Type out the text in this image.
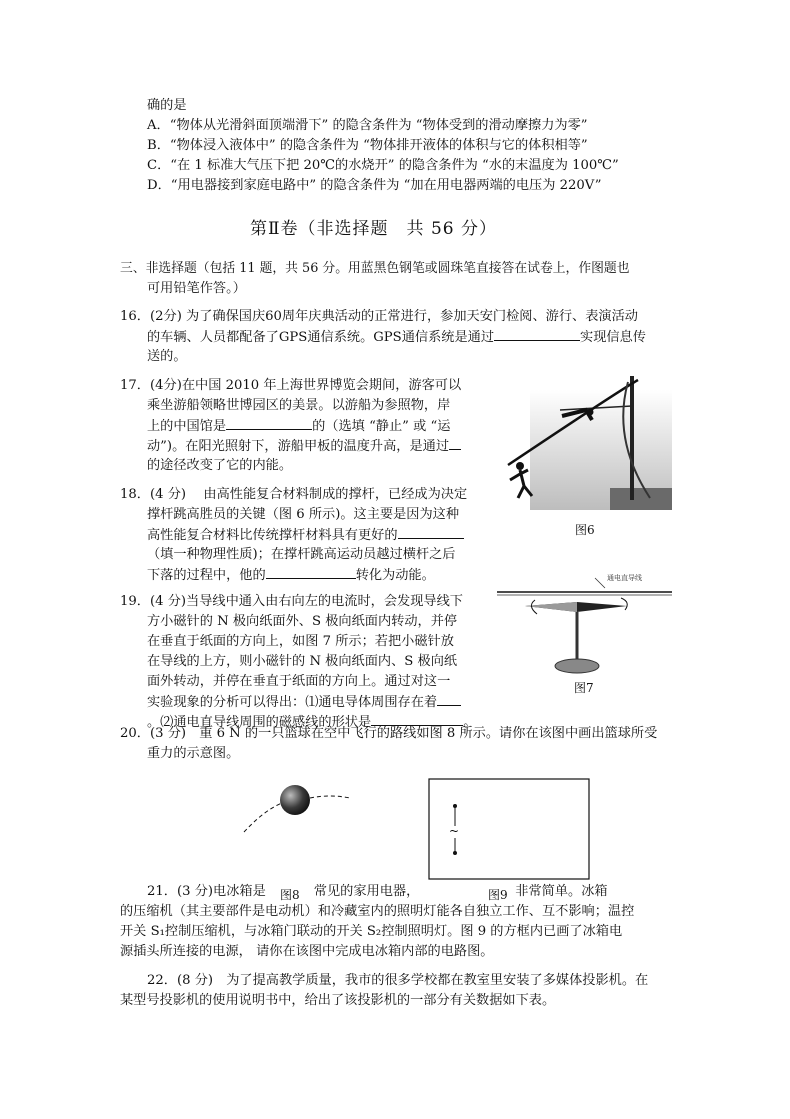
确的是
A．“物体从光滑斜面顶端滑下” 的隐含条件为 “物体受到的滑动摩擦力为零”
B．“物体浸入液体中” 的隐含条件为 “物体排开液体的体积与它的体积相等”
C．“在 1 标准大气压下把 20℃的水烧开” 的隐含条件为 “水的末温度为 100℃”
D．“用电器接到家庭电路中” 的隐含条件为 “加在用电器两端的电压为 220V”
第Ⅱ卷（非选择题　共 56 分）
三、非选择题（包括 11 题，共 56 分。用蓝黑色钢笔或圆珠笔直接答在试卷上，作图题也
可用铅笔作答。）
16．(2分) 为了确保国庆60周年庆典活动的正常进行，参加天安门检阅、游行、表演活动
的车辆、人员都配备了GPS通信系统。GPS通信系统是通过	实现信息传
送的。
17．(4分)在中国 2010 年上海世界博览会期间，游客可以
乘坐游船领略世博园区的美景。以游船为参照物，岸
上的中国馆是	的（选填 “静止” 或 “运
动”)。在阳光照射下，游船甲板的温度升高，是通过
的途径改变了它的内能。
18．(4 分)　 由高性能复合材料制成的撑杆，已经成为决定
撑杆跳高胜员的关键（图 6 所示)。这主要是因为这种
高性能复合材料比传统撑杆材料具有更好的
（填一种物理性质)；在撑杆跳高运动员越过横杆之后
下落的过程中，他的	转化为动能。
图6
19．(4 分)当导线中通入由右向左的电流时，会发现导线下
方小磁针的 N 极向纸面外、S 极向纸面内转动，并停
在垂直于纸面的方向上，如图 7 所示；若把小磁针放
在导线的上方，则小磁针的 N 极向纸面内、S 极向纸
面外转动，并停在垂直于纸面的方向上。通过对这一
实验现象的分析可以得出：⑴通电导体周围存在着
。⑵通电直导线周围的磁感线的形状是	。
通电直导线
图7
20．(3 分)　重 6 N 的一只篮球在空中飞行的路线如图 8 所示。请你在该图中画出篮球所受
重力的示意图。
图8
~
图9
21．(3 分)电冰箱是	常见的家用电器，	非常简单。冰箱
的压缩机（其主要部件是电动机）和冷藏室内的照明灯能各自独立工作、互不影响；温控
开关 S₁控制压缩机，与冰箱门联动的开关 S₂控制照明灯。图 9 的方框内已画了冰箱电
源插头所连接的电源， 请你在该图中完成电冰箱内部的电路图。
22．(8 分)　为了提高教学质量，我市的很多学校都在教室里安装了多媒体投影机。在
某型号投影机的使用说明书中，给出了该投影机的一部分有关数据如下表。
